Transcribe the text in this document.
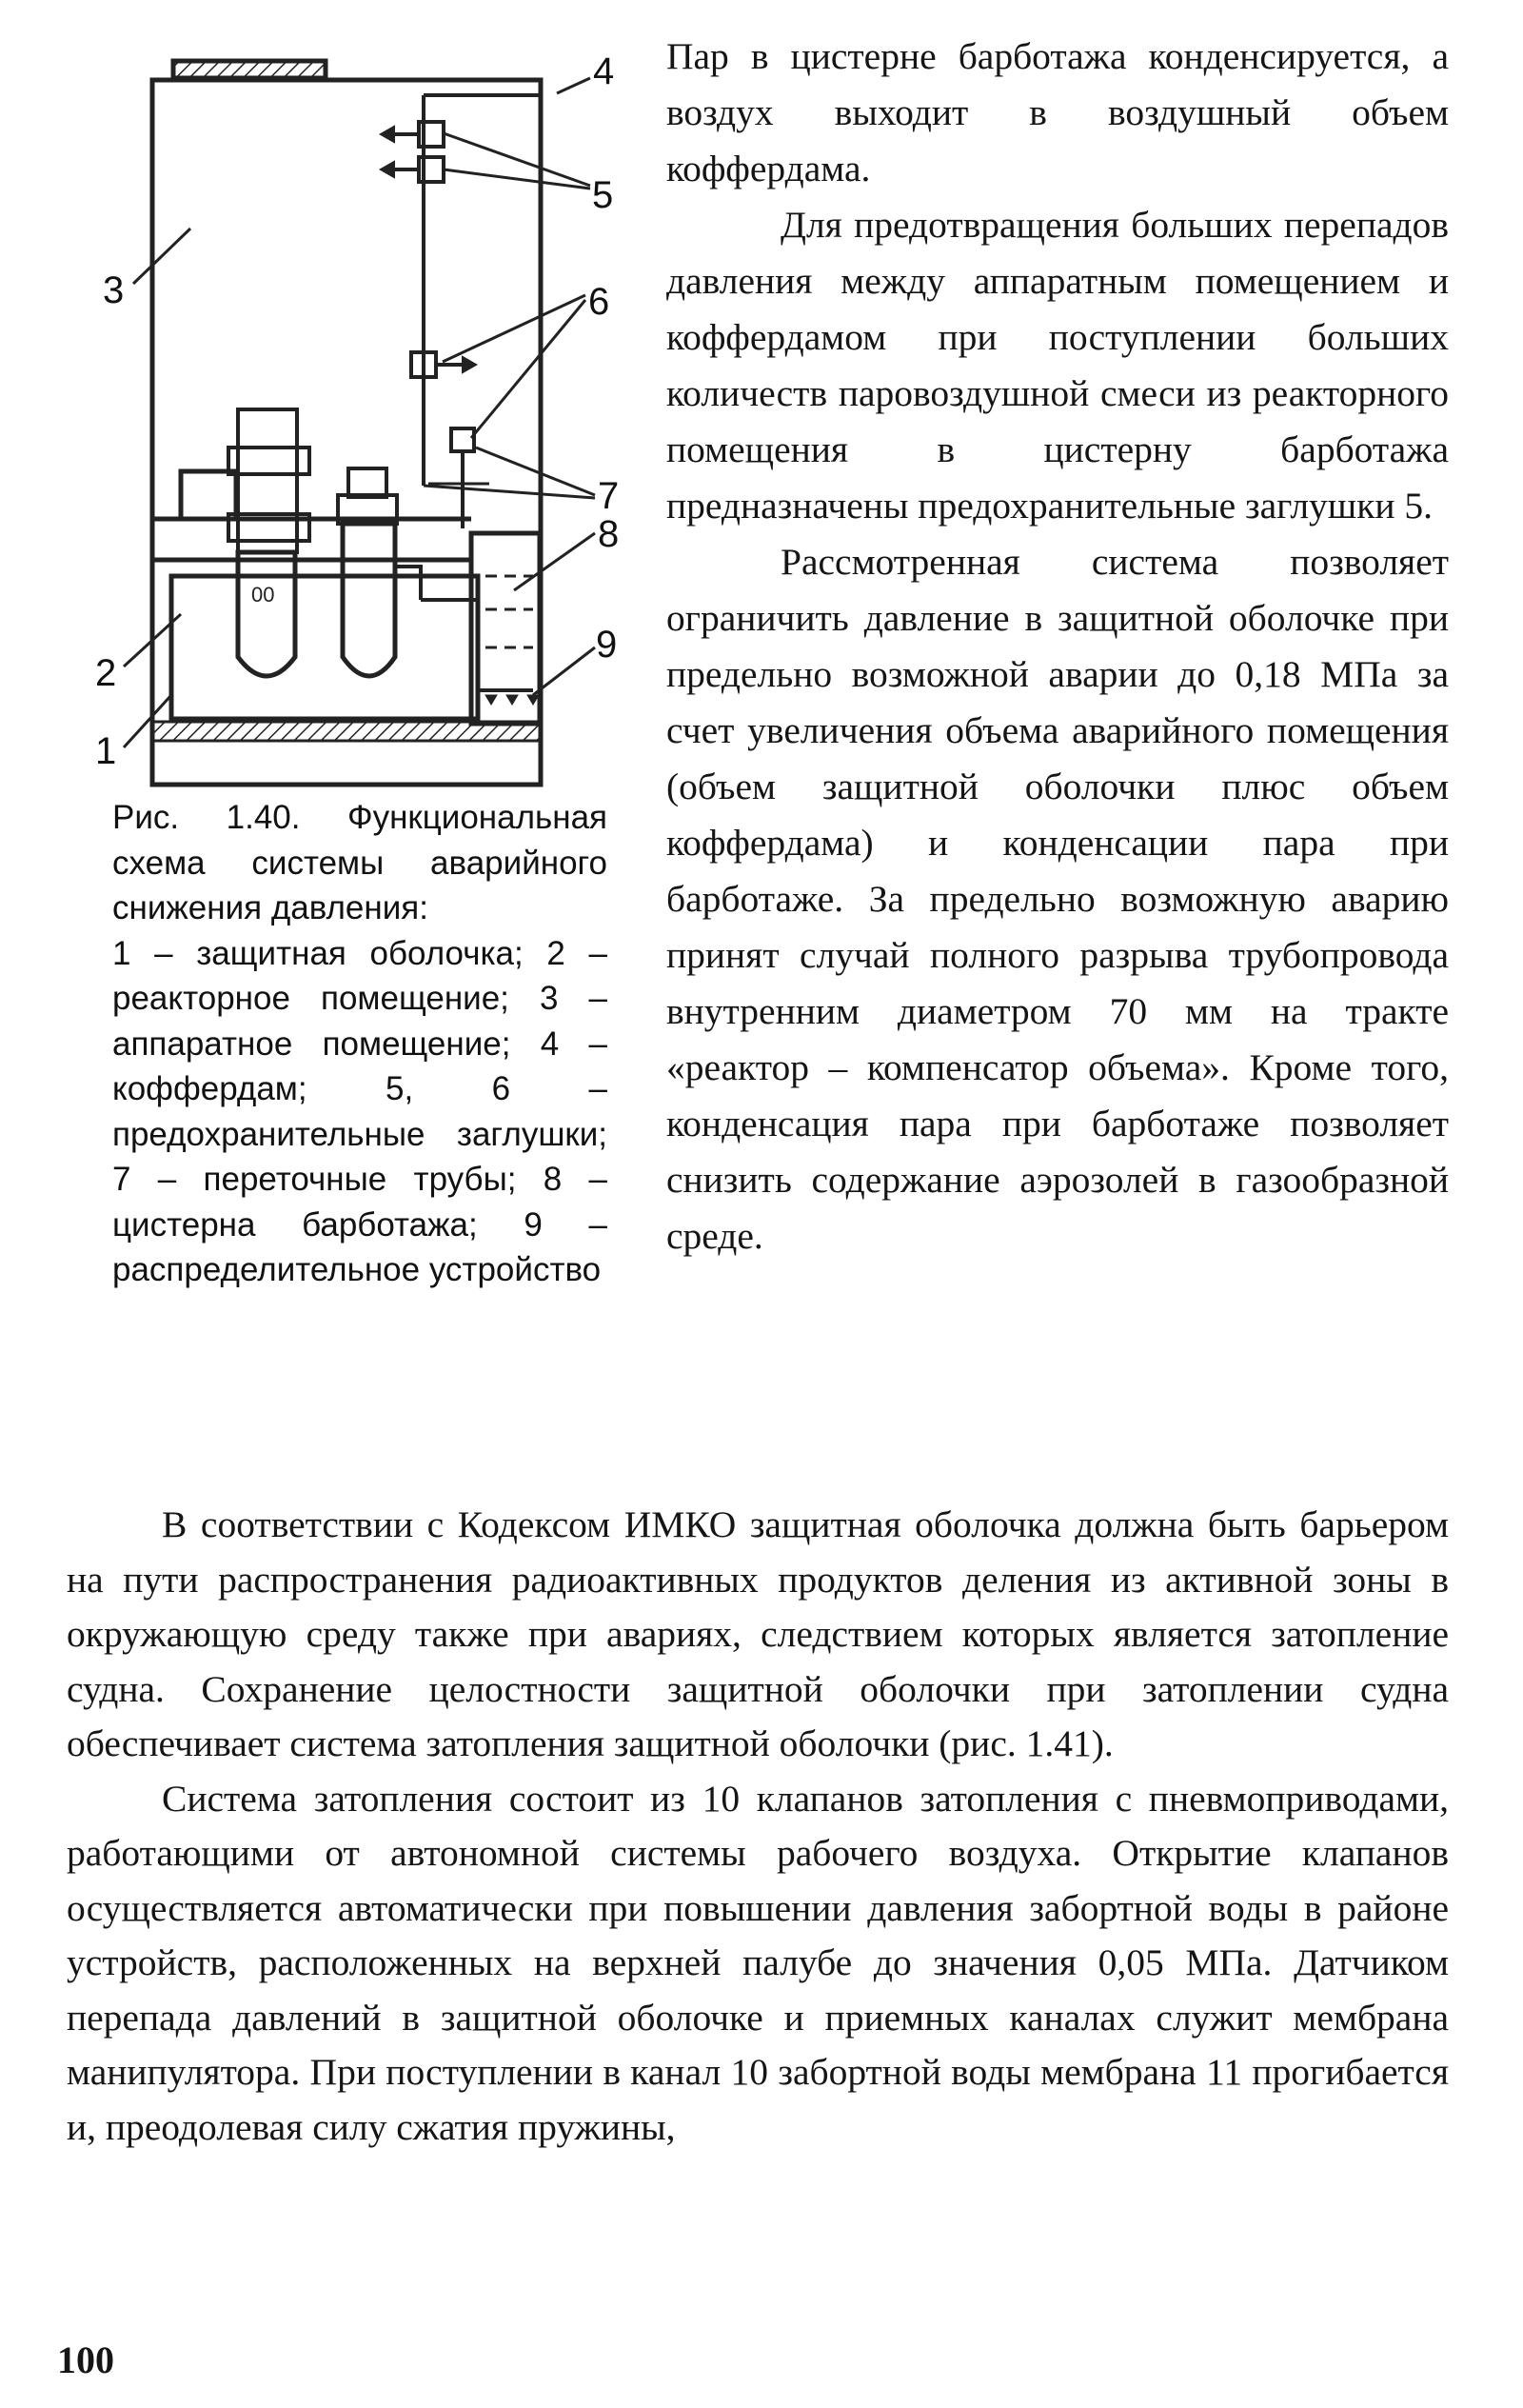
00
4
5
6
7
8
9
3
2
1

Рис. 1.40. Функциональная схема системы аварийного снижения давления:

1 – защитная оболочка; 2 – реакторное помещение; 3 – аппаратное помещение; 4 – коффердам; 5, 6 – предохранительные заглушки; 7 – переточные трубы; 8 – цистерна барботажа; 9 – распределительное устройство

Пар в цистерне барботажа конденсируется, а воздух выходит в воздушный объем коффердама.

Для предотвращения больших перепадов давления между аппаратным помещением и коффердамом при поступлении больших количеств паровоздушной смеси из реакторного помещения в цистерну барботажа предназначены предохранительные заглушки 5.

Рассмотренная система позволяет ограничить давление в защитной оболочке при предельно возможной аварии до 0,18 МПа за счет увеличения объема аварийного помещения (объем защитной оболочки плюс объем коффердама) и конденсации пара при барботаже. За предельно возможную аварию принят случай полного разрыва трубопровода внутренним диаметром 70 мм на тракте «реактор – компенсатор объема». Кроме того, конденсация пара при барботаже позволяет снизить содержание аэрозолей в газообразной среде.

В соответствии с Кодексом ИМКО защитная оболочка должна быть барьером на пути распространения радиоактивных продуктов деления из активной зоны в окружающую среду также при авариях, следствием которых является затопление судна. Сохранение целостности защитной оболочки при затоплении судна обеспечивает система затопления защитной оболочки (рис. 1.41).

Система затопления состоит из 10 клапанов затопления с пневмоприводами, работающими от автономной системы рабочего воздуха. Открытие клапанов осуществляется автоматически при повышении давления забортной воды в районе устройств, расположенных на верхней палубе до значения 0,05 МПа. Датчиком перепада давлений в защитной оболочке и приемных каналах служит мембрана манипулятора. При поступлении в канал 10 забортной воды мембрана 11 прогибается и, преодолевая силу сжатия пружины,

100
